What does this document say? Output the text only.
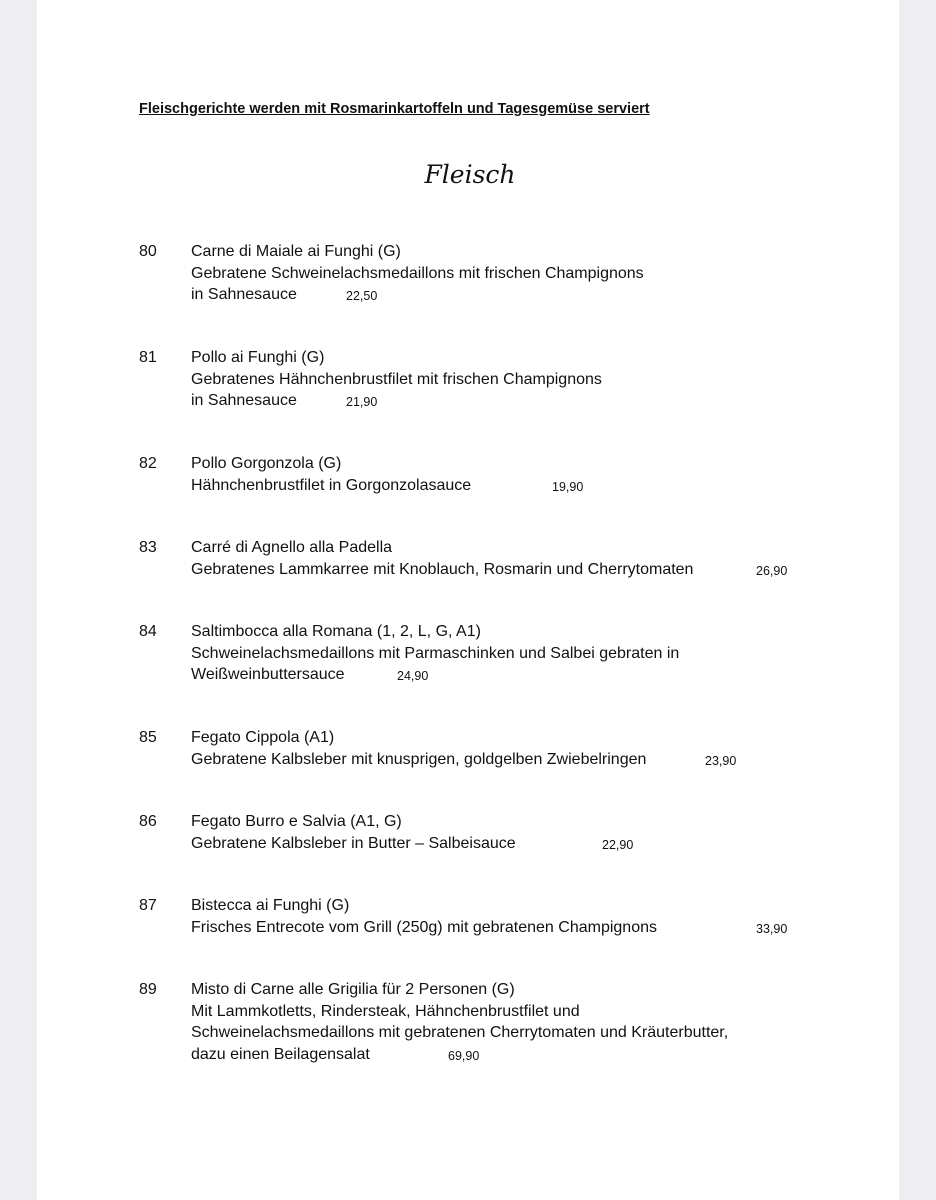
Fleischgerichte werden mit Rosmarinkartoffeln und Tagesgemüse serviert
Fleisch
80 Carne di Maiale ai Funghi (G)
Gebratene Schweinelachsmedaillons mit frischen Champignons
in Sahnesauce	22,50
81 Pollo ai Funghi (G)
Gebratenes Hähnchenbrustfilet mit frischen Champignons
in Sahnesauce	21,90
82 Pollo Gorgonzola (G)
Hähnchenbrustfilet in Gorgonzolasauce	19,90
83 Carré di Agnello alla Padella
Gebratenes Lammkarree mit Knoblauch, Rosmarin und Cherrytomaten	26,90
84 Saltimbocca alla Romana (1, 2, L, G, A1)
Schweinelachsmedaillons mit Parmaschinken und Salbei gebraten in
Weißweinbuttersauce	24,90
85 Fegato Cippola (A1)
Gebratene Kalbsleber mit knusprigen, goldgelben Zwiebelringen	23,90
86 Fegato Burro e Salvia (A1, G)
Gebratene Kalbsleber in Butter – Salbeisauce	22,90
87 Bistecca ai Funghi (G)
Frisches Entrecote vom Grill (250g) mit gebratenen Champignons	33,90
89 Misto di Carne alle Grigilia für 2 Personen (G)
Mit Lammkotletts, Rindersteak, Hähnchenbrustfilet und
Schweinelachsmedaillons mit gebratenen Cherrytomaten und Kräuterbutter,
dazu einen Beilagensalat	69,90
